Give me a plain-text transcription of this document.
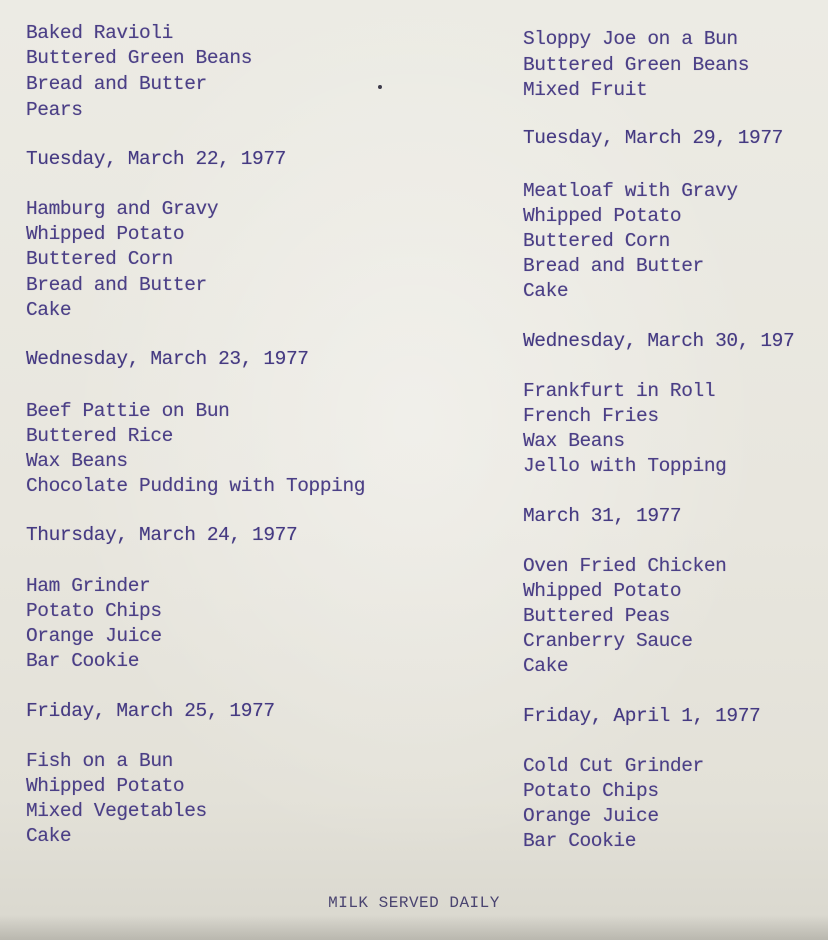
Baked Ravioli
Buttered Green Beans
Bread and Butter
Pears
Tuesday, March 22, 1977
Hamburg and Gravy
Whipped Potato
Buttered Corn
Bread and Butter
Cake
Wednesday, March 23, 1977
Beef Pattie on Bun
Buttered Rice
Wax Beans
Chocolate Pudding with Topping
Thursday, March 24, 1977
Ham Grinder
Potato Chips
Orange Juice
Bar Cookie
Friday, March 25, 1977
Fish on a Bun
Whipped Potato
Mixed Vegetables
Cake
Sloppy Joe on a Bun
Buttered Green Beans
Mixed Fruit
Tuesday, March 29, 1977
Meatloaf with Gravy
Whipped Potato
Buttered Corn
Bread and Butter
Cake
Wednesday, March 30, 197
Frankfurt in Roll
French Fries
Wax Beans
Jello with Topping
March 31, 1977
Oven Fried Chicken
Whipped Potato
Buttered Peas
Cranberry Sauce
Cake
Friday, April 1, 1977
Cold Cut Grinder
Potato Chips
Orange Juice
Bar Cookie
MILK SERVED DAILY
